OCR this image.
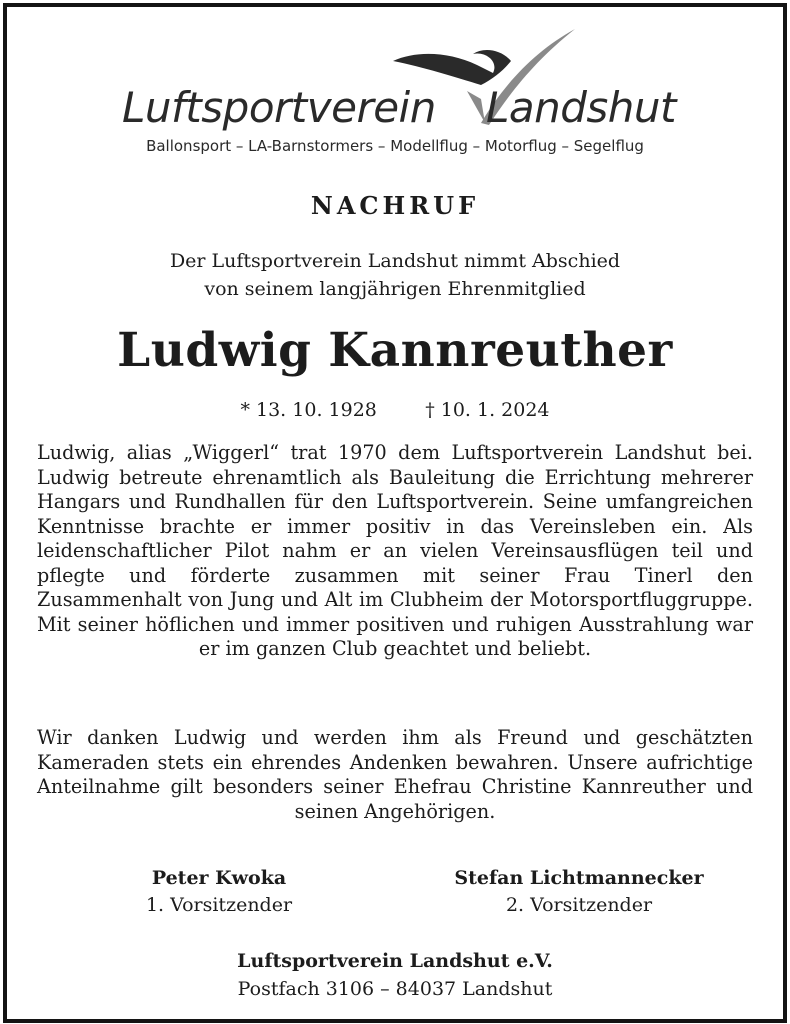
Luftsportverein Landshut
Ballonsport – LA-Barnstormers – Modellflug – Motorflug – Segelflug
NACHRUF
Der Luftsportverein Landshut nimmt Abschied
von seinem langjährigen Ehrenmitglied
Ludwig Kannreuther
* 13. 10. 1928	† 10. 1. 2024
Ludwig, alias „Wiggerl“ trat 1970 dem Luftsportverein Landshut bei. Ludwig betreute ehrenamtlich als Bauleitung die Errichtung mehrerer Hangars und Rundhallen für den Luftsportverein. Seine umfangreichen Kenntnisse brachte er immer positiv in das Vereinsleben ein. Als leidenschaftlicher Pilot nahm er an vielen Vereinsausflügen teil und pflegte und förderte zusammen mit seiner Frau Tinerl den Zusammenhalt von Jung und Alt im Clubheim der Motorsportfluggruppe. Mit seiner höflichen und immer positiven und ruhigen Ausstrahlung war er im ganzen Club geachtet und beliebt.
Wir danken Ludwig und werden ihm als Freund und geschätzten Kameraden stets ein ehrendes Andenken bewahren. Unsere aufrichtige Anteilnahme gilt besonders seiner Ehefrau Christine Kannreuther und seinen Angehörigen.
Peter Kwoka
1. Vorsitzender
Stefan Lichtmannecker
2. Vorsitzender
Luftsportverein Landshut e.V.
Postfach 3106 – 84037 Landshut
